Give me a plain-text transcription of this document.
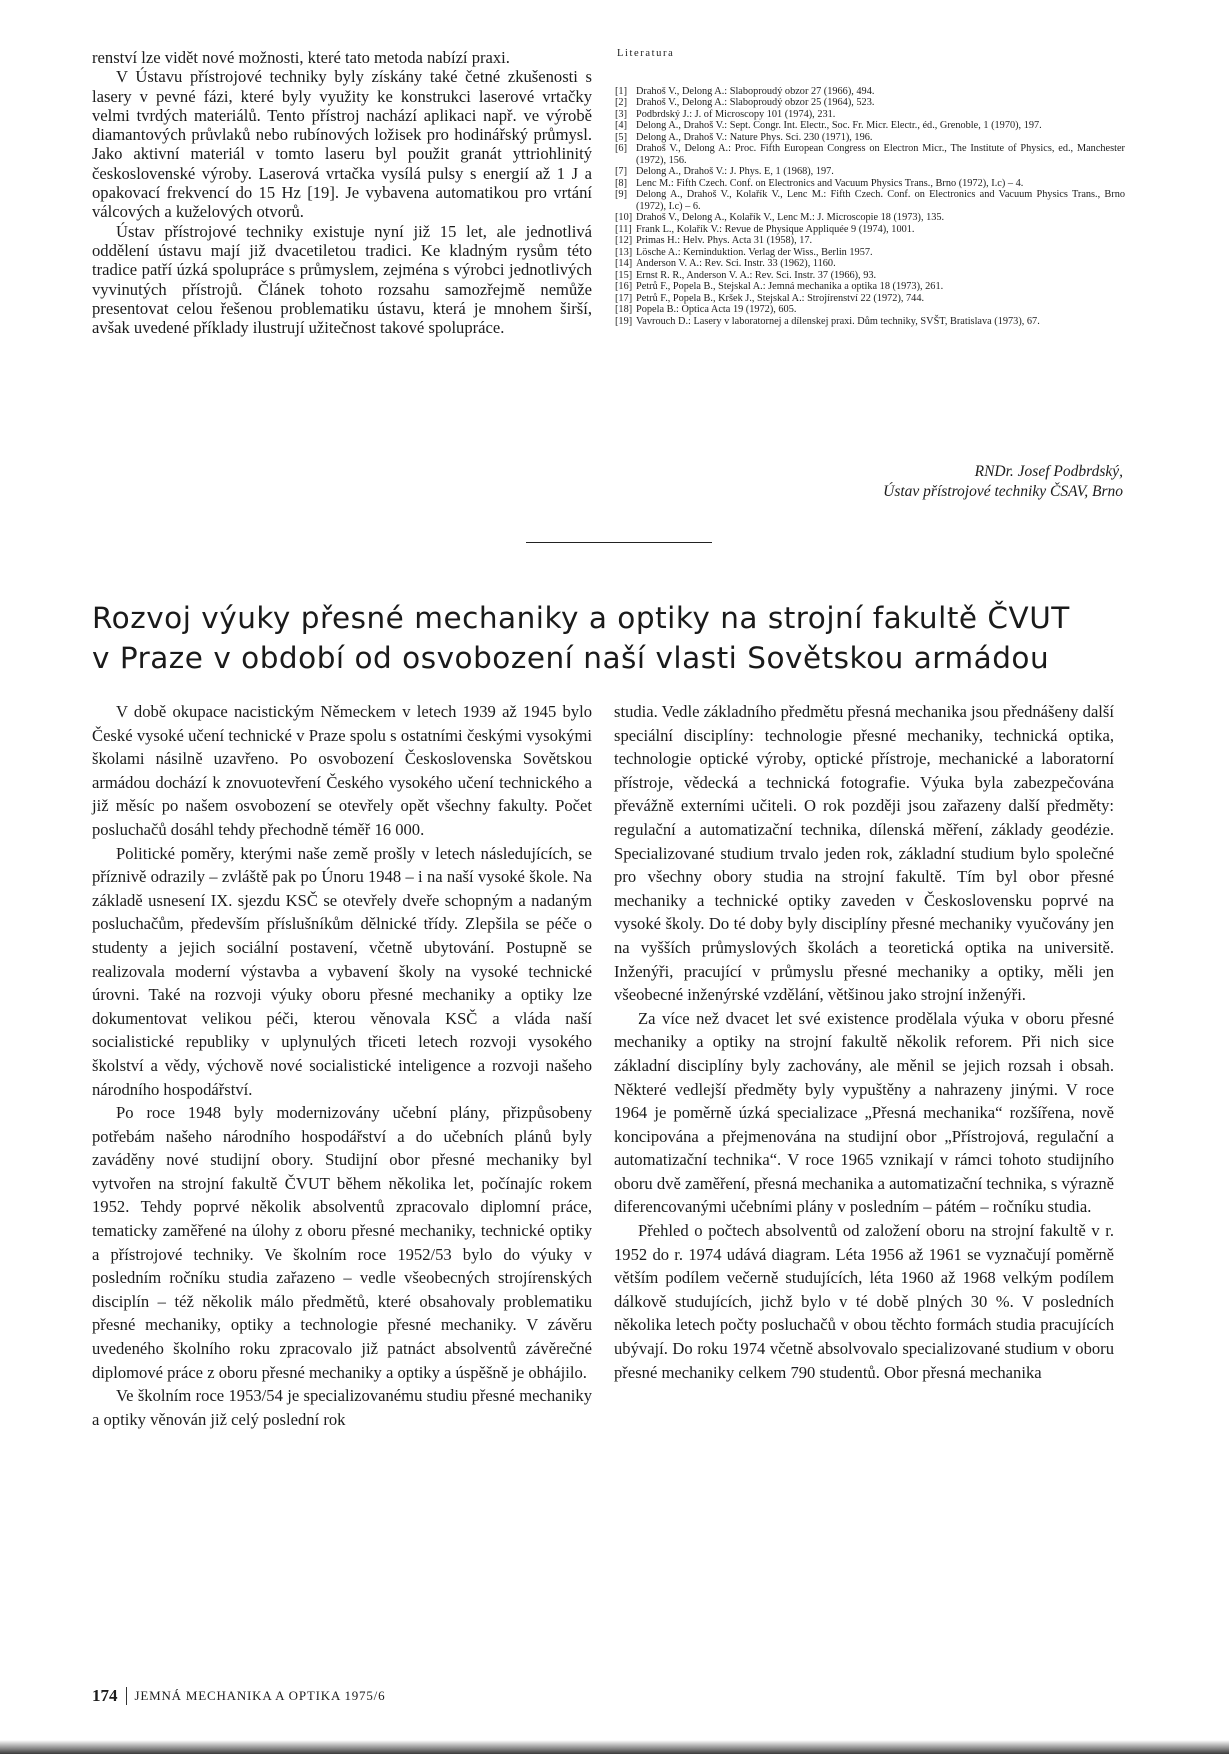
renství lze vidět nové možnosti, které tato metoda nabízí praxi.

V Ústavu přístrojové techniky byly získány také četné zkušenosti s lasery v pevné fázi, které byly využity ke konstrukci laserové vrtačky velmi tvrdých materiálů. Tento přístroj nachází aplikaci např. ve výrobě diamantových průvlaků nebo rubínových ložisek pro hodinářský průmysl. Jako aktivní materiál v tomto laseru byl použit granát yttriohlinitý československé výroby. Laserová vrtačka vysílá pulsy s energií až 1 J a opakovací frekvencí do 15 Hz [19]. Je vybavena automatikou pro vrtání válcových a kuželových otvorů.

Ústav přístrojové techniky existuje nyní již 15 let, ale jednotlivá oddělení ústavu mají již dvacetiletou tradici. Ke kladným rysům této tradice patří úzká spolupráce s průmyslem, zejména s výrobci jednotlivých vyvinutých přístrojů. Článek tohoto rozsahu samozřejmě nemůže presentovat celou řešenou problematiku ústavu, která je mnohem širší, avšak uvedené příklady ilustrují užitečnost takové spolupráce.

Literatura
[1] Drahoš V., Delong A.: Slaboproudý obzor 27 (1966), 494.
[2] Drahoš V., Delong A.: Slaboproudý obzor 25 (1964), 523.
[3] Podbrdský J.: J. of Microscopy 101 (1974), 231.
[4] Delong A., Drahoš V.: Sept. Congr. Int. Electr., Soc. Fr. Micr. Electr., éd., Grenoble, 1 (1970), 197.
[5] Delong A., Drahoš V.: Nature Phys. Sci. 230 (1971), 196.
[6] Drahoš V., Delong A.: Proc. Fifth European Congress on Electron Micr., The Institute of Physics, ed., Manchester (1972), 156.
[7] Delong A., Drahoš V.: J. Phys. E, 1 (1968), 197.
[8] Lenc M.: Fifth Czech. Conf. on Electronics and Vacuum Physics Trans., Brno (1972), I.c) – 4.
[9] Delong A., Drahoš V., Kolařík V., Lenc M.: Fifth Czech. Conf. on Electronics and Vacuum Physics Trans., Brno (1972), I.c) – 6.
[10] Drahoš V., Delong A., Kolařík V., Lenc M.: J. Microscopie 18 (1973), 135.
[11] Frank L., Kolařík V.: Revue de Physique Appliquée 9 (1974), 1001.
[12] Primas H.: Helv. Phys. Acta 31 (1958), 17.
[13] Lösche A.: Kerninduktion. Verlag der Wiss., Berlin 1957.
[14] Anderson V. A.: Rev. Sci. Instr. 33 (1962), 1160.
[15] Ernst R. R., Anderson V. A.: Rev. Sci. Instr. 37 (1966), 93.
[16] Petrů F., Popela B., Stejskal A.: Jemná mechanika a optika 18 (1973), 261.
[17] Petrů F., Popela B., Kršek J., Stejskal A.: Strojírenství 22 (1972), 744.
[18] Popela B.: Optica Acta 19 (1972), 605.
[19] Vavrouch D.: Lasery v laboratornej a dílenskej praxi. Dům techniky, SVŠT, Bratislava (1973), 67.
RNDr. Josef Podbrdský,
Ústav přístrojové techniky ČSAV, Brno
Rozvoj výuky přesné mechaniky a optiky na strojní fakultě ČVUT
v Praze v období od osvobození naší vlasti Sovětskou armádou

V době okupace nacistickým Německem v letech 1939 až 1945 bylo České vysoké učení technické v Praze spolu s ostatními českými vysokými školami násilně uzavřeno. Po osvobození Československa Sovětskou armádou dochází k znovuotevření Českého vysokého učení technického a již měsíc po našem osvobození se otevřely opět všechny fakulty. Počet posluchačů dosáhl tehdy přechodně téměř 16 000.

Politické poměry, kterými naše země prošly v letech následujících, se příznivě odrazily – zvláště pak po Únoru 1948 – i na naší vysoké škole. Na základě usnesení IX. sjezdu KSČ se otevřely dveře schopným a nadaným posluchačům, především příslušníkům dělnické třídy. Zlepšila se péče o studenty a jejich sociální postavení, včetně ubytování. Postupně se realizovala moderní výstavba a vybavení školy na vysoké technické úrovni. Také na rozvoji výuky oboru přesné mechaniky a optiky lze dokumentovat velikou péči, kterou věnovala KSČ a vláda naší socialistické republiky v uplynulých třiceti letech rozvoji vysokého školství a vědy, výchově nové socialistické inteligence a rozvoji našeho národního hospodářství.

Po roce 1948 byly modernizovány učební plány, přizpůsobeny potřebám našeho národního hospodářství a do učebních plánů byly zaváděny nové studijní obory. Studijní obor přesné mechaniky byl vytvořen na strojní fakultě ČVUT během několika let, počínajíc rokem 1952. Tehdy poprvé několik absolventů zpracovalo diplomní práce, tematicky zaměřené na úlohy z oboru přesné mechaniky, technické optiky a přístrojové techniky. Ve školním roce 1952/53 bylo do výuky v posledním ročníku studia zařazeno – vedle všeobecných strojírenských disciplín – též několik málo předmětů, které obsahovaly problematiku přesné mechaniky, optiky a technologie přesné mechaniky. V závěru uvedeného školního roku zpracovalo již patnáct absolventů závěrečné diplomové práce z oboru přesné mechaniky a optiky a úspěšně je obhájilo.

Ve školním roce 1953/54 je specializovanému studiu přesné mechaniky a optiky věnován již celý poslední rok

studia. Vedle základního předmětu přesná mechanika jsou přednášeny další speciální disciplíny: technologie přesné mechaniky, technická optika, technologie optické výroby, optické přístroje, mechanické a laboratorní přístroje, vědecká a technická fotografie. Výuka byla zabezpečována převážně externími učiteli. O rok později jsou zařazeny další předměty: regulační a automatizační technika, dílenská měření, základy geodézie. Specializované studium trvalo jeden rok, základní studium bylo společné pro všechny obory studia na strojní fakultě. Tím byl obor přesné mechaniky a technické optiky zaveden v Československu poprvé na vysoké školy. Do té doby byly disciplíny přesné mechaniky vyučovány jen na vyšších průmyslových školách a teoretická optika na universitě. Inženýři, pracující v průmyslu přesné mechaniky a optiky, měli jen všeobecné inženýrské vzdělání, většinou jako strojní inženýři.

Za více než dvacet let své existence prodělala výuka v oboru přesné mechaniky a optiky na strojní fakultě několik reforem. Při nich sice základní disciplíny byly zachovány, ale měnil se jejich rozsah i obsah. Některé vedlejší předměty byly vypuštěny a nahrazeny jinými. V roce 1964 je poměrně úzká specializace „Přesná mechanika“ rozšířena, nově koncipována a přejmenována na studijní obor „Přístrojová, regulační a automatizační technika“. V roce 1965 vznikají v rámci tohoto studijního oboru dvě zaměření, přesná mechanika a automatizační technika, s výrazně diferencovanými učebními plány v posledním – pátém – ročníku studia.

Přehled o počtech absolventů od založení oboru na strojní fakultě v r. 1952 do r. 1974 udává diagram. Léta 1956 až 1961 se vyznačují poměrně větším podílem večerně studujících, léta 1960 až 1968 velkým podílem dálkově studujících, jichž bylo v té době plných 30 %. V posledních několika letech počty posluchačů v obou těchto formách studia pracujících ubývají. Do roku 1974 včetně absolvovalo specializované studium v oboru přesné mechaniky celkem 790 studentů. Obor přesná mechanika

174 JEMNÁ MECHANIKA A OPTIKA 1975/6
